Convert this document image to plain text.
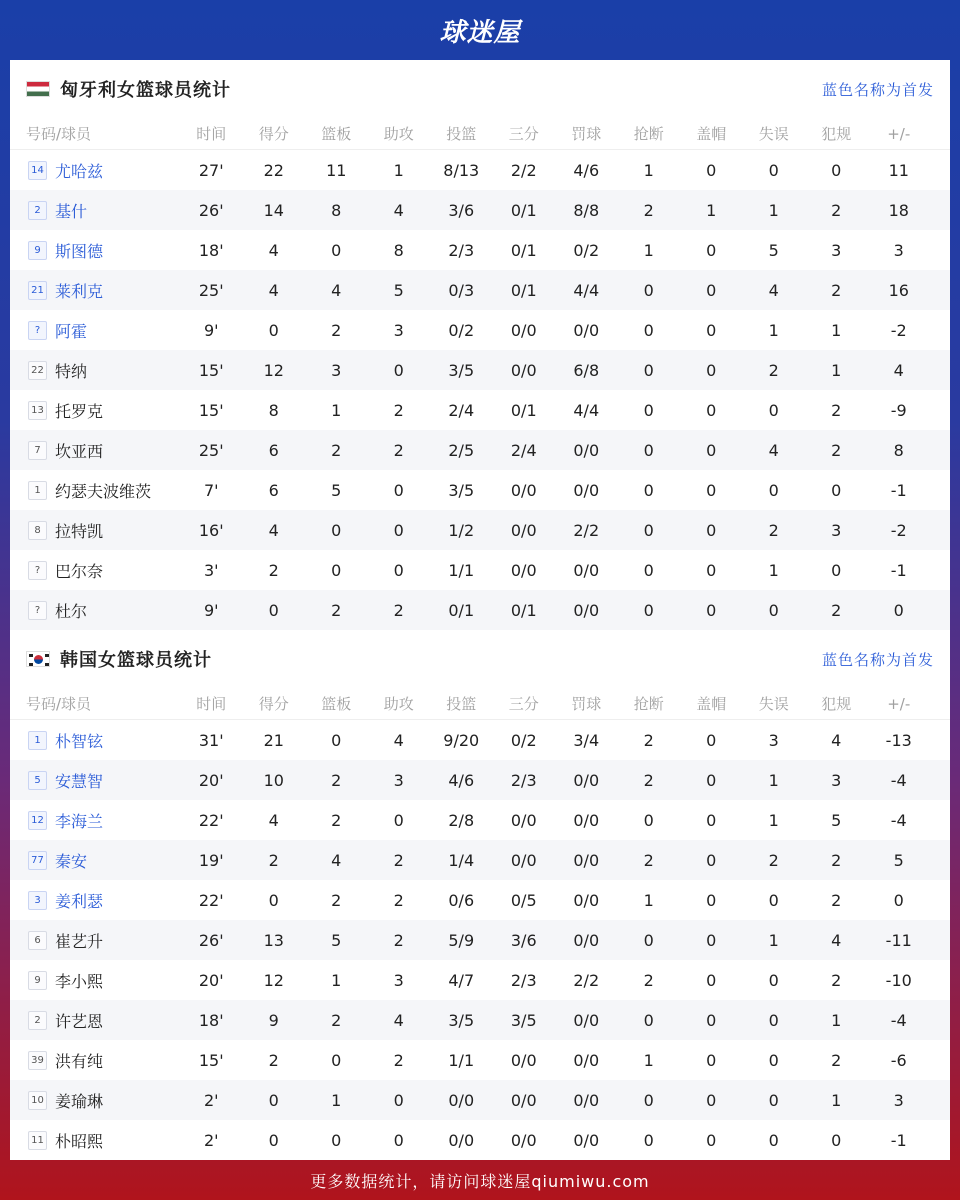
球迷屋
匈牙利女篮球员统计	蓝色名称为首发
号码/球员	时间	得分	篮板	助攻	投篮	三分	罚球	抢断	盖帽	失误	犯规	+/-
14 尤哈兹	27'	22	11	1	8/13	2/2	4/6	1	0	0	0	11
2 基什	26'	14	8	4	3/6	0/1	8/8	2	1	1	2	18
9 斯图德	18'	4	0	8	2/3	0/1	0/2	1	0	5	3	3
21 莱利克	25'	4	4	5	0/3	0/1	4/4	0	0	4	2	16
? 阿霍	9'	0	2	3	0/2	0/0	0/0	0	0	1	1	-2
22 特纳	15'	12	3	0	3/5	0/0	6/8	0	0	2	1	4
13 托罗克	15'	8	1	2	2/4	0/1	4/4	0	0	0	2	-9
7 坎亚西	25'	6	2	2	2/5	2/4	0/0	0	0	4	2	8
1 约瑟夫波维茨	7'	6	5	0	3/5	0/0	0/0	0	0	0	0	-1
8 拉特凯	16'	4	0	0	1/2	0/0	2/2	0	0	2	3	-2
? 巴尔奈	3'	2	0	0	1/1	0/0	0/0	0	0	1	0	-1
? 杜尔	9'	0	2	2	0/1	0/1	0/0	0	0	0	2	0
韩国女篮球员统计	蓝色名称为首发
号码/球员	时间	得分	篮板	助攻	投篮	三分	罚球	抢断	盖帽	失误	犯规	+/-
1 朴智铉	31'	21	0	4	9/20	0/2	3/4	2	0	3	4	-13
5 安慧智	20'	10	2	3	4/6	2/3	0/0	2	0	1	3	-4
12 李海兰	22'	4	2	0	2/8	0/0	0/0	0	0	1	5	-4
77 秦安	19'	2	4	2	1/4	0/0	0/0	2	0	2	2	5
3 姜利瑟	22'	0	2	2	0/6	0/5	0/0	1	0	0	2	0
6 崔艺升	26'	13	5	2	5/9	3/6	0/0	0	0	1	4	-11
9 李小熙	20'	12	1	3	4/7	2/3	2/2	2	0	0	2	-10
2 许艺恩	18'	9	2	4	3/5	3/5	0/0	0	0	0	1	-4
39 洪有纯	15'	2	0	2	1/1	0/0	0/0	1	0	0	2	-6
10 姜瑜琳	2'	0	1	0	0/0	0/0	0/0	0	0	0	1	3
11 朴昭熙	2'	0	0	0	0/0	0/0	0/0	0	0	0	0	-1
更多数据统计，请访问球迷屋qiumiwu.com
